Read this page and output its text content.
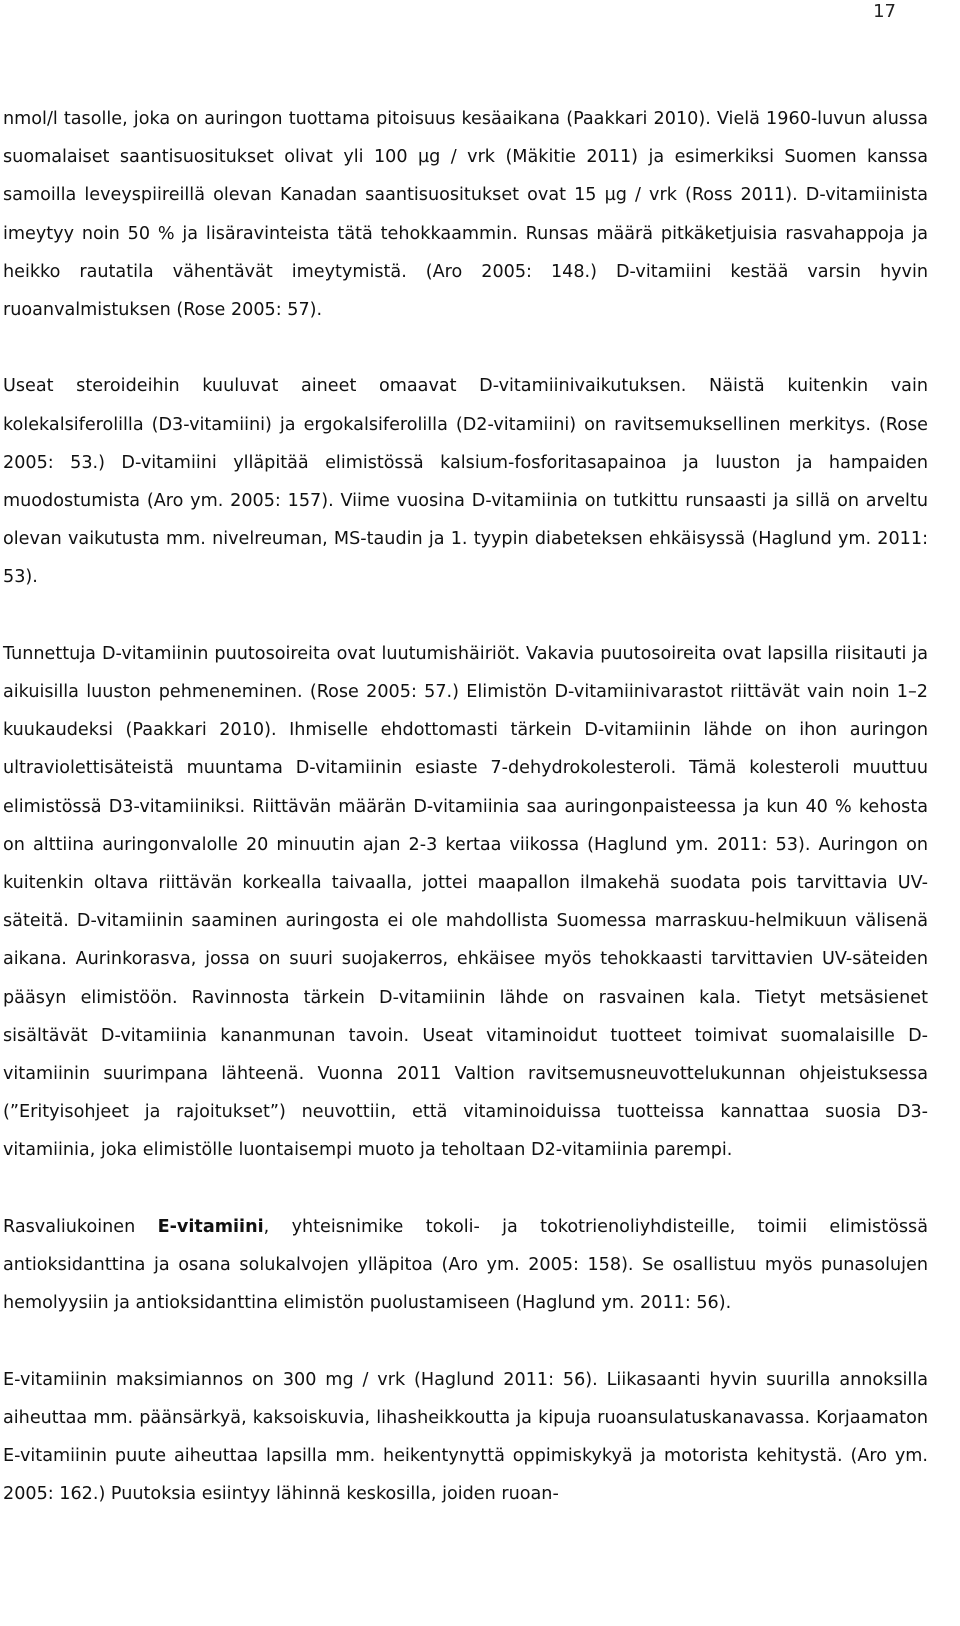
17

nmol/l tasolle, joka on auringon tuottama pitoisuus kesäaikana (Paakkari 2010). Vielä 1960-luvun alussa suomalaiset saantisuositukset olivat yli 100 µg / vrk (Mäkitie 2011) ja esimerkiksi Suomen kanssa samoilla leveyspiireillä olevan Kanadan saantisuositukset ovat 15 µg / vrk (Ross 2011). D-vitamiinista imeytyy noin 50 % ja lisäravinteista tätä tehokkaammin. Runsas määrä pitkäketjuisia rasvahappoja ja heikko rautatila vähentävät imeytymistä. (Aro 2005: 148.) D-vitamiini kestää varsin hyvin ruoanvalmistuksen (Rose 2005: 57).

Useat steroideihin kuuluvat aineet omaavat D-vitamiinivaikutuksen. Näistä kuitenkin vain kolekalsiferolilla (D3-vitamiini) ja ergokalsiferolilla (D2-vitamiini) on ravitsemuksellinen merkitys. (Rose 2005: 53.) D-vitamiini ylläpitää elimistössä kalsium-fosforitasapainoa ja luuston ja hampaiden muodostumista (Aro ym. 2005: 157). Viime vuosina D-vitamiinia on tutkittu runsaasti ja sillä on arveltu olevan vaikutusta mm. nivelreuman, MS-taudin ja 1. tyypin diabeteksen ehkäisyssä (Haglund ym. 2011: 53).

Tunnettuja D-vitamiinin puutosoireita ovat luutumishäiriöt. Vakavia puutosoireita ovat lapsilla riisitauti ja aikuisilla luuston pehmeneminen. (Rose 2005: 57.) Elimistön D-vitamiinivarastot riittävät vain noin 1–2 kuukaudeksi (Paakkari 2010). Ihmiselle ehdottomasti tärkein D-vitamiinin lähde on ihon auringon ultraviolettisäteistä muuntama D-vitamiinin esiaste 7-dehydrokolesteroli. Tämä kolesteroli muuttuu elimistössä D3-vitamiiniksi. Riittävän määrän D-vitamiinia saa auringonpaisteessa ja kun 40 % kehosta on alttiina auringonvalolle 20 minuutin ajan 2-3 kertaa viikossa (Haglund ym. 2011: 53). Auringon on kuitenkin oltava riittävän korkealla taivaalla, jottei maapallon ilmakehä suodata pois tarvittavia UV-säteitä. D-vitamiinin saaminen auringosta ei ole mahdollista Suomessa marraskuu-helmikuun välisenä aikana. Aurinkorasva, jossa on suuri suojakerros, ehkäisee myös tehokkaasti tarvittavien UV-säteiden pääsyn elimistöön. Ravinnosta tärkein D-vitamiinin lähde on rasvainen kala. Tietyt metsäsienet sisältävät D-vitamiinia kananmunan tavoin. Useat vitaminoidut tuotteet toimivat suomalaisille D-vitamiinin suurimpana lähteenä. Vuonna 2011 Valtion ravitsemusneuvottelukunnan ohjeistuksessa (”Erityisohjeet ja rajoitukset”) neuvottiin, että vitaminoiduissa tuotteissa kannattaa suosia D3-vitamiinia, joka elimistölle luontaisempi muoto ja teholtaan D2-vitamiinia parempi.

Rasvaliukoinen E-vitamiini, yhteisnimike tokoli- ja tokotrienoliyhdisteille, toimii elimistössä antioksidanttina ja osana solukalvojen ylläpitoa (Aro ym. 2005: 158). Se osallistuu myös punasolujen hemolyysiin ja antioksidanttina elimistön puolustamiseen (Haglund ym. 2011: 56).

E-vitamiinin maksimiannos on 300 mg / vrk (Haglund 2011: 56). Liikasaanti hyvin suurilla annoksilla aiheuttaa mm. päänsärkyä, kaksoiskuvia, lihasheikkoutta ja kipuja ruoansulatuskanavassa. Korjaamaton E-vitamiinin puute aiheuttaa lapsilla mm. heikentynyttä oppimiskykyä ja motorista kehitystä. (Aro ym. 2005: 162.) Puutoksia esiintyy lähinnä keskosilla, joiden ruoan-
